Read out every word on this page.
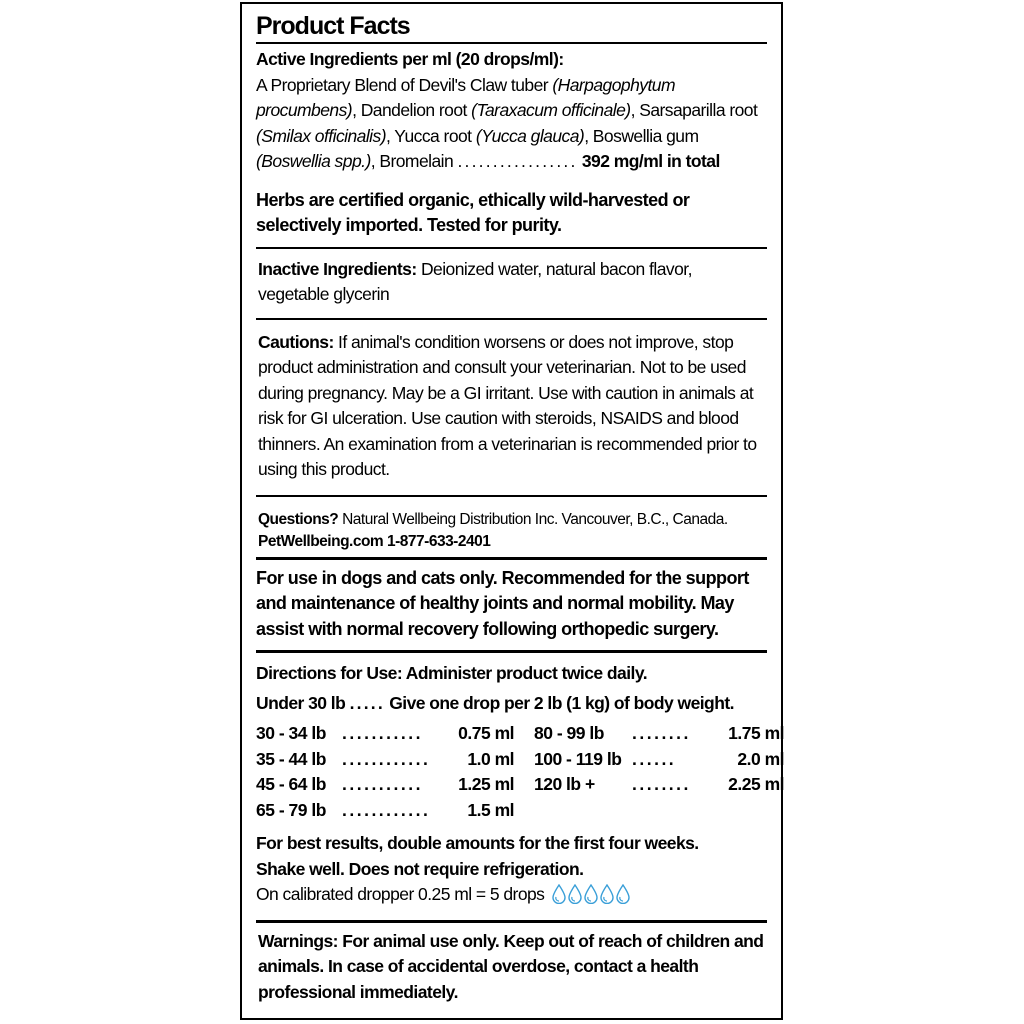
Product Facts
Active Ingredients per ml (20 drops/ml):
A Proprietary Blend of Devil's Claw tuber (Harpagophytum procumbens), Dandelion root (Taraxacum officinale), Sarsaparilla root (Smilax officinalis), Yucca root (Yucca glauca), Boswellia gum (Boswellia spp.), Bromelain ................. 392 mg/ml in total
Herbs are certified organic, ethically wild-harvested or selectively imported. Tested for purity.
Inactive Ingredients: Deionized water, natural bacon flavor, vegetable glycerin
Cautions: If animal's condition worsens or does not improve, stop product administration and consult your veterinarian. Not to be used during pregnancy. May be a GI irritant. Use with caution in animals at risk for GI ulceration. Use caution with steroids, NSAIDS and blood thinners. An examination from a veterinarian is recommended prior to using this product.
Questions? Natural Wellbeing Distribution Inc. Vancouver, B.C., Canada.
PetWellbeing.com 1-877-633-2401
For use in dogs and cats only. Recommended for the support and maintenance of healthy joints and normal mobility. May assist with normal recovery following orthopedic surgery.
Directions for Use: Administer product twice daily.
Under 30 lb ..... Give one drop per 2 lb (1 kg) of body weight.
30 - 34 lb ...........	0.75 ml
35 - 44 lb ............	1.0 ml
45 - 64 lb ...........	1.25 ml
65 - 79 lb ............	1.5 ml
80 - 99 lb	........	1.75 ml
100 - 119 lb ......	2.0 ml
120 lb +	........	2.25 ml
For best results, double amounts for the first four weeks.
Shake well. Does not require refrigeration.
On calibrated dropper 0.25 ml = 5 drops
Warnings: For animal use only. Keep out of reach of children and animals. In case of accidental overdose, contact a health professional immediately.
